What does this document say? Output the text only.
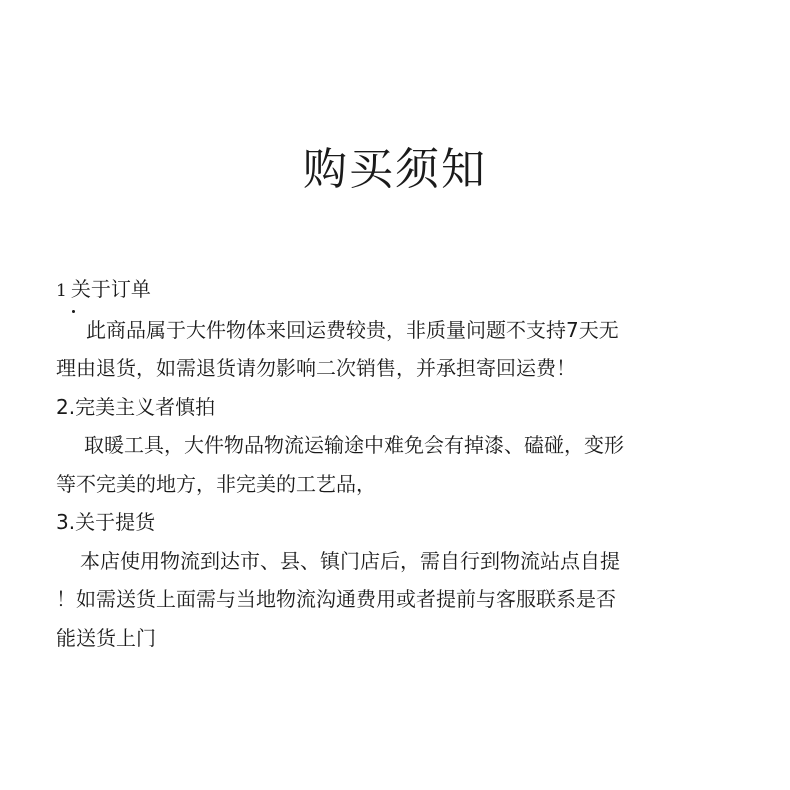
购买须知
1 关于订单
此商品属于大件物体来回运费较贵，非质量问题不支持7天无
理由退货，如需退货请勿影响二次销售，并承担寄回运费！
2.完美主义者慎拍
取暖工具，大件物品物流运输途中难免会有掉漆、磕碰，变形
等不完美的地方，非完美的工艺品，
3.关于提货
本店使用物流到达市、县、镇门店后，需自行到物流站点自提
！如需送货上面需与当地物流沟通费用或者提前与客服联系是否
能送货上门
